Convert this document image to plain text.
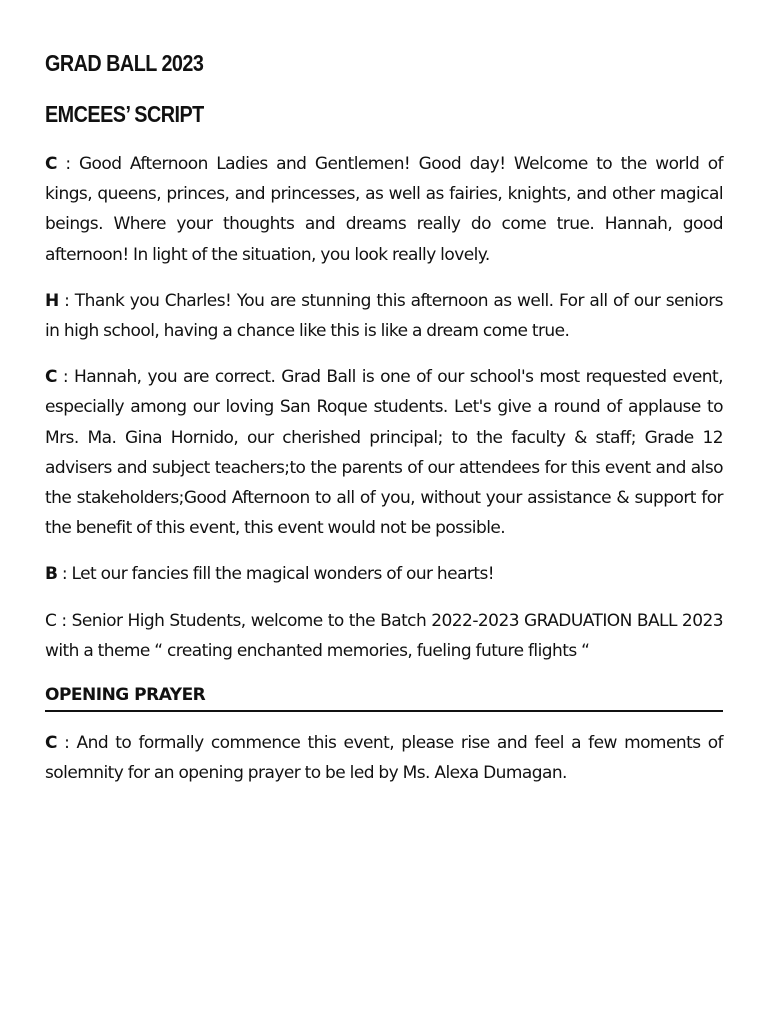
GRAD BALL 2023
EMCEES’ SCRIPT

C : Good Afternoon Ladies and Gentlemen! Good day! Welcome to the world of kings, queens, princes, and princesses, as well as fairies, knights, and other magical beings. Where your thoughts and dreams really do come true. Hannah, good afternoon! In light of the situation, you look really lovely.

H : Thank you Charles! You are stunning this afternoon as well. For all of our seniors in high school, having a chance like this is like a dream come true.

C : Hannah, you are correct. Grad Ball is one of our school's most requested event, especially among our loving San Roque students. Let's give a round of applause to Mrs. Ma. Gina Hornido, our cherished principal; to the faculty & staff; Grade 12 advisers and subject teachers;to the parents of our attendees for this event and also the stakeholders;Good Afternoon to all of you, without your assistance & support for the benefit of this event, this event would not be possible.

B : Let our fancies fill the magical wonders of our hearts!

C : Senior High Students, welcome to the Batch 2022-2023 GRADUATION BALL 2023 with a theme “ creating enchanted memories, fueling future flights “

OPENING PRAYER

C : And to formally commence this event, please rise and feel a few moments of solemnity for an opening prayer to be led by Ms. Alexa Dumagan.
